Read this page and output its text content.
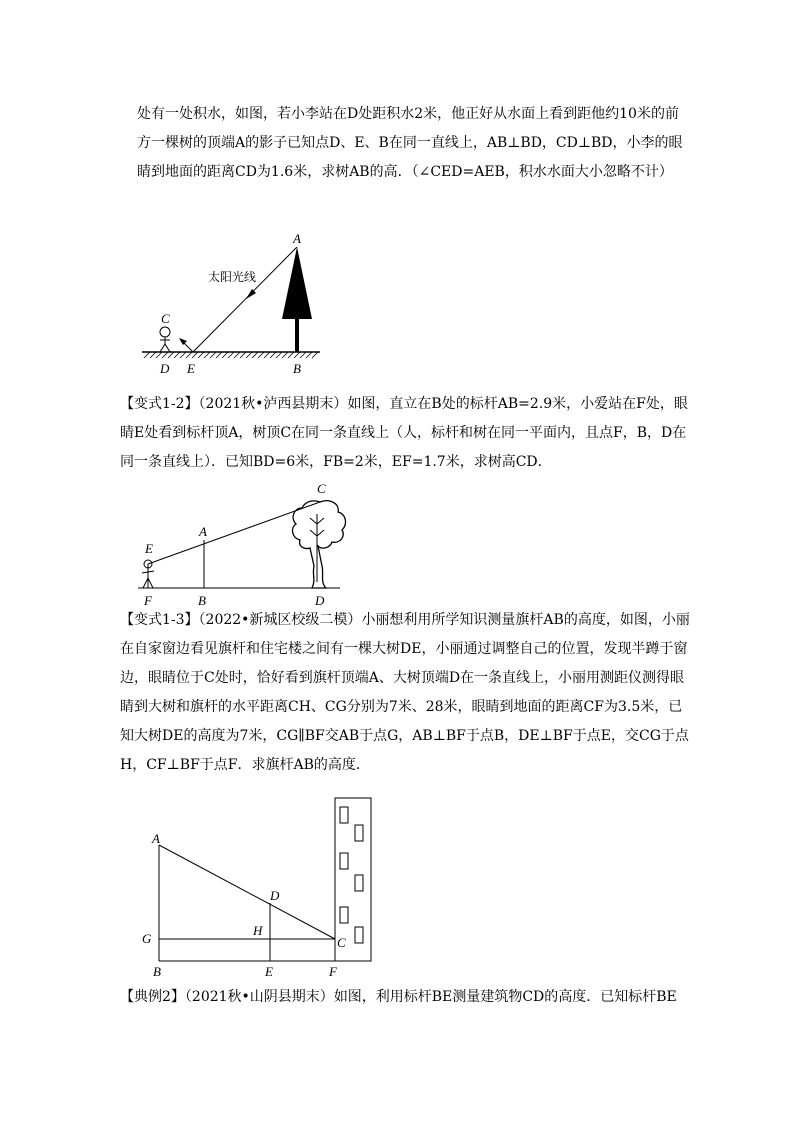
处有一处积水，如图，若小李站在D处距积水2米，他正好从水面上看到距他约10米的前方一棵树的顶端A的影子已知点D、E、B在同一直线上，AB⊥BD，CD⊥BD，小李的眼睛到地面的距离CD为1.6米，求树AB的高．（∠CED=AEB，积水水面大小忽略不计）

A
太阳光线
C
D E	B

【变式1-2】（2021秋•泸西县期末）如图，直立在B处的标杆AB=2.9米，小爱站在F处，眼睛E处看到标杆顶A，树顶C在同一条直线上（人，标杆和树在同一平面内，且点F，B，D在同一条直线上）．已知BD=6米，FB=2米，EF=1.7米，求树高CD．

C
A
E
F	B	D

【变式1-3】（2022•新城区校级二模）小丽想利用所学知识测量旗杆AB的高度，如图，小丽在自家窗边看见旗杆和住宅楼之间有一棵大树DE，小丽通过调整自己的位置，发现半蹲于窗边，眼睛位于C处时，恰好看到旗杆顶端A、大树顶端D在一条直线上，小丽用测距仪测得眼睛到大树和旗杆的水平距离CH、CG分别为7米、28米，眼睛到地面的距离CF为3.5米，已知大树DE的高度为7米，CG∥BF交AB于点G，AB⊥BF于点B，DE⊥BF于点E，交CG于点H，CF⊥BF于点F．求旗杆AB的高度．

A
D
G
H
C
B	E	F

【典例2】（2021秋•山阴县期末）如图，利用标杆BE测量建筑物CD的高度．已知标杆BE
